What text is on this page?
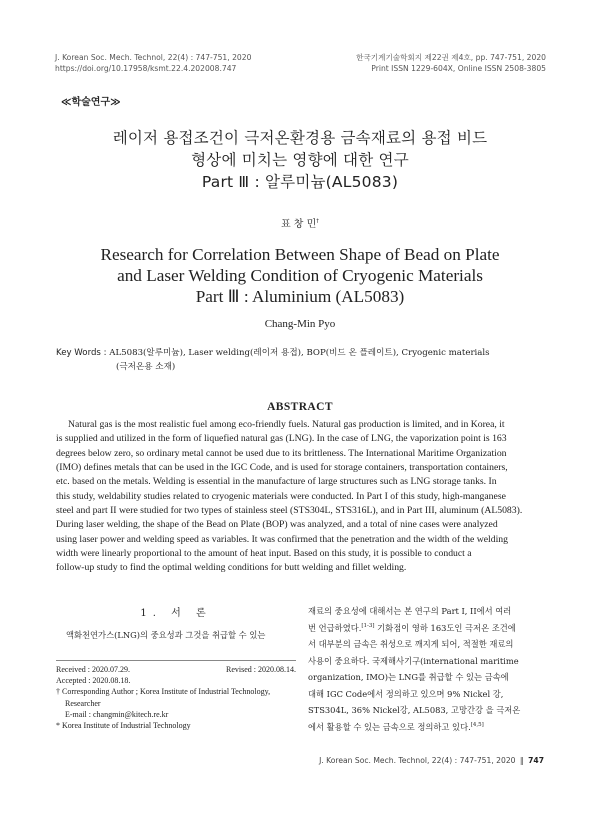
J. Korean Soc. Mech. Technol, 22(4) : 747-751, 2020
https://doi.org/10.17958/ksmt.22.4.202008.747
한국기계기술학회지 제22권 제4호, pp. 747-751, 2020
Print ISSN 1229-604X, Online ISSN 2508-3805
≪학술연구≫
레이저 용접조건이 극저온환경용 금속재료의 용접 비드
형상에 미치는 영향에 대한 연구
Part Ⅲ : 알루미늄(AL5083)
표 창 민†
Research for Correlation Between Shape of Bead on Plate
and Laser Welding Condition of Cryogenic Materials
Part Ⅲ : Aluminium (AL5083)
Chang-Min Pyo
Key Words : AL5083(알루미늄), Laser welding(레이저 용접), BOP(비드 온 플레이트), Cryogenic materials
(극저온용 소재)
ABSTRACT
Natural gas is the most realistic fuel among eco-friendly fuels. Natural gas production is limited, and in Korea, it
is supplied and utilized in the form of liquefied natural gas (LNG). In the case of LNG, the vaporization point is 163
degrees below zero, so ordinary metal cannot be used due to its brittleness. The International Maritime Organization
(IMO) defines metals that can be used in the IGC Code, and is used for storage containers, transportation containers,
etc. based on the metals. Welding is essential in the manufacture of large structures such as LNG storage tanks. In
this study, weldability studies related to cryogenic materials were conducted. In Part I of this study, high-manganese
steel and part II were studied for two types of stainless steel (STS304L, STS316L), and in Part III, aluminum (AL5083).
During laser welding, the shape of the Bead on Plate (BOP) was analyzed, and a total of nine cases were analyzed
using laser power and welding speed as variables. It was confirmed that the penetration and the width of the welding
width were linearly proportional to the amount of heat input. Based on this study, it is possible to conduct a
follow-up study to find the optimal welding conditions for butt welding and fillet welding.
1. 서 론
액화천연가스(LNG)의 중요성과 그것을 취급할 수 있는
Received : 2020.07.29.	Revised : 2020.08.14.
Accepted : 2020.08.18.
† Corresponding Author ; Korea Institute of Industrial Technology,
Researcher
E-mail : changmin@kitech.re.kr
* Korea Institute of Industrial Technology
재료의 중요성에 대해서는 본 연구의 Part I, II에서 여러
번 언급하였다.[1-3] 기화점이 영하 163도인 극저온 조건에
서 대부분의 금속은 취성으로 깨지게 되어, 적절한 재료의
사용이 중요하다. 국제해사기구(international maritime
organization, IMO)는 LNG를 취급할 수 있는 금속에
대해 IGC Code에서 정의하고 있으며 9% Nickel 강,
STS304L, 36% Nickel강, AL5083, 고망간강 을 극저온
에서 활용할 수 있는 금속으로 정의하고 있다.[4,5]
J. Korean Soc. Mech. Technol, 22(4) : 747-751, 2020 ‖ 747
